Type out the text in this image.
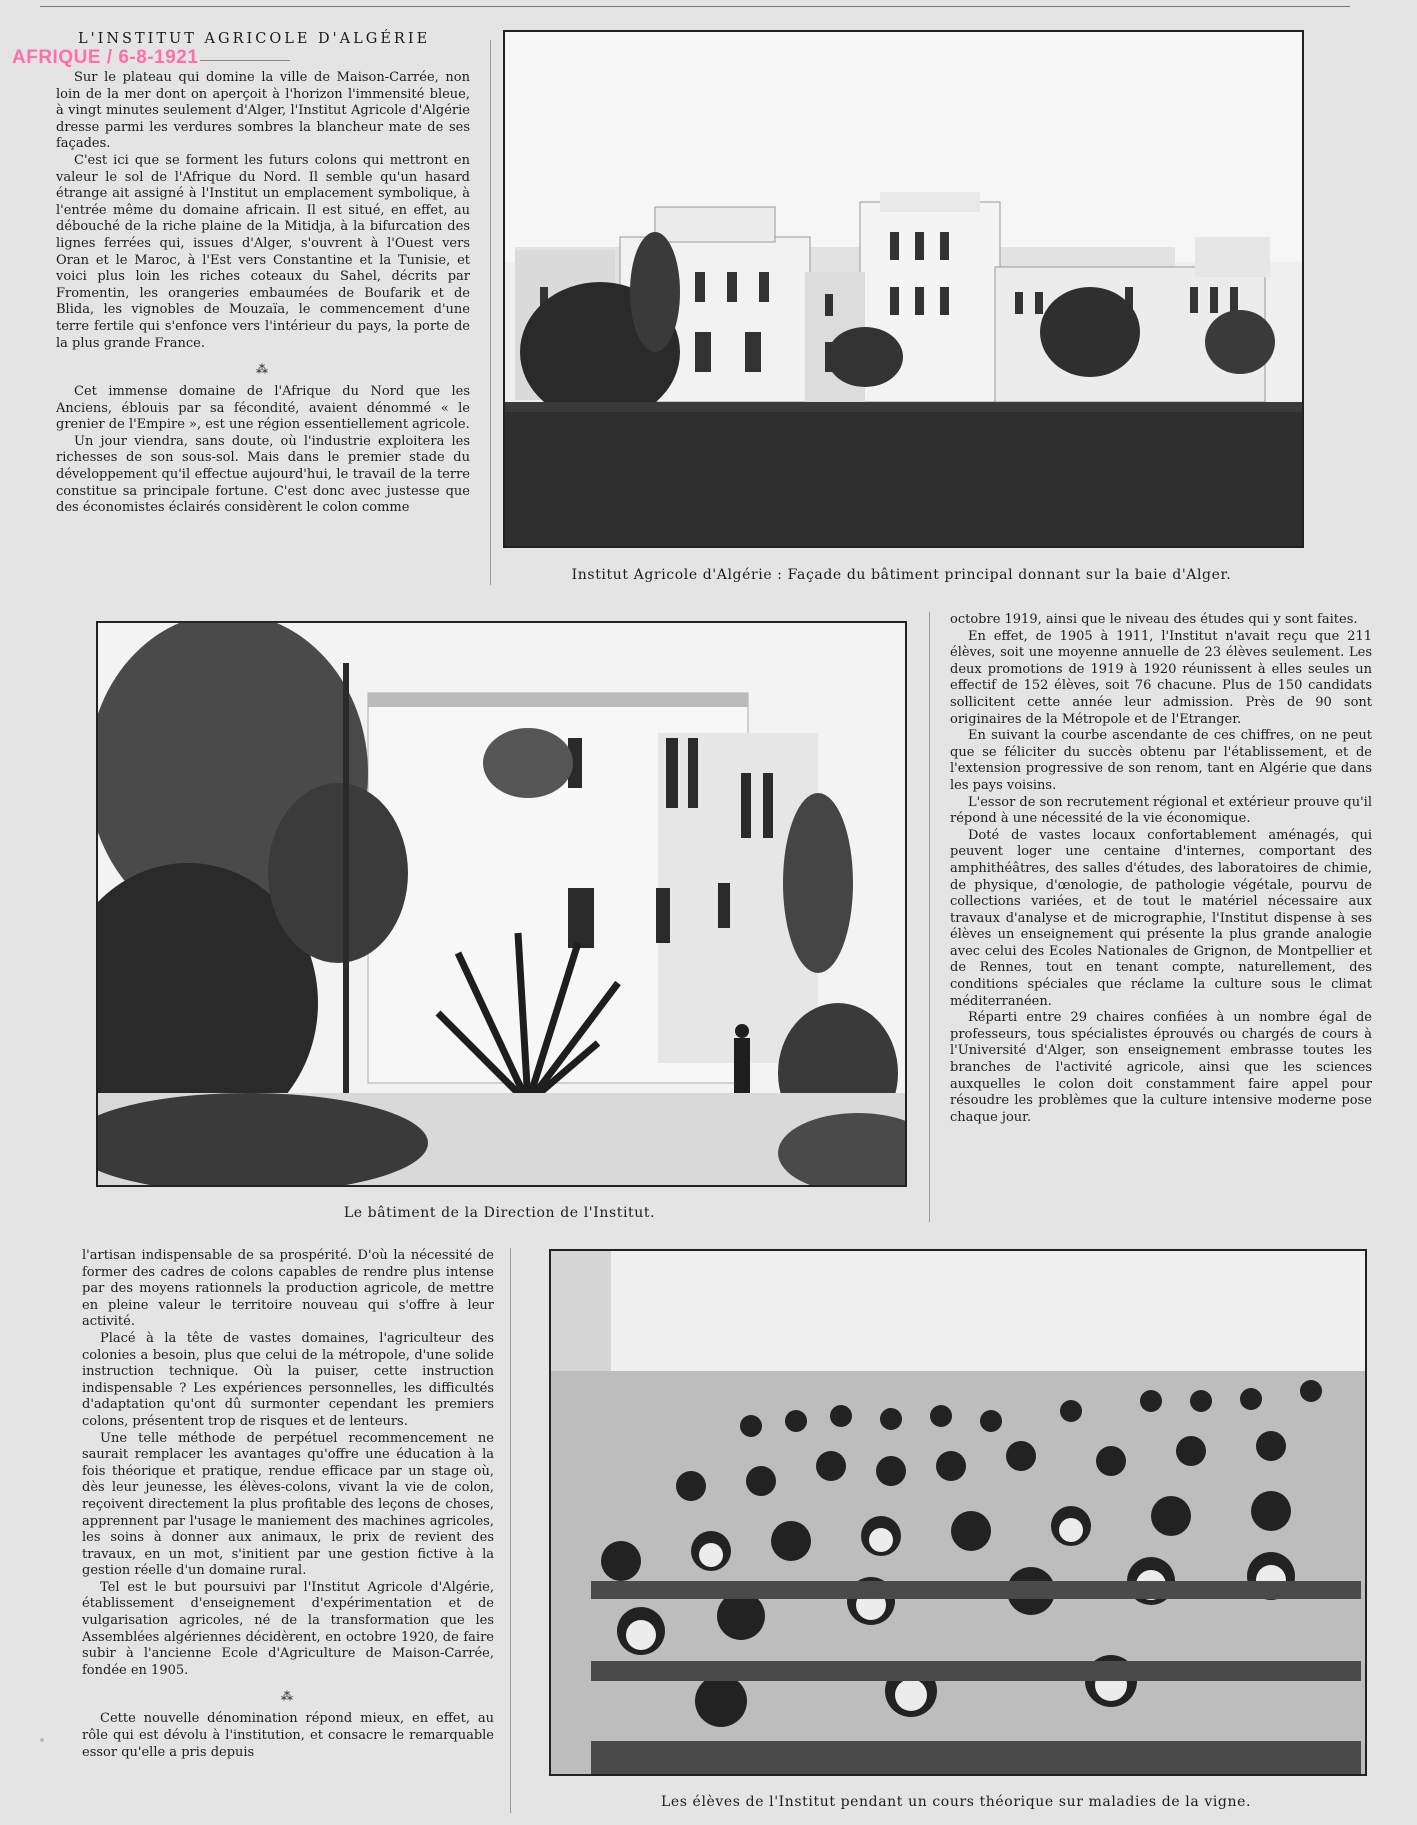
AFRIQUE / 6-8-1921
L'INSTITUT AGRICOLE D'ALGÉRIE

Sur le plateau qui domine la ville de Maison-Carrée, non loin de la mer dont on aperçoit à l'horizon l'immensité bleue, à vingt minutes seulement d'Alger, l'Institut Agricole d'Algérie dresse parmi les verdures sombres la blancheur mate de ses façades.

C'est ici que se forment les futurs colons qui mettront en valeur le sol de l'Afrique du Nord. Il semble qu'un hasard étrange ait assigné à l'Institut un emplacement symbolique, à l'entrée même du domaine africain. Il est situé, en effet, au débouché de la riche plaine de la Mitidja, à la bifurcation des lignes ferrées qui, issues d'Alger, s'ouvrent à l'Ouest vers Oran et le Maroc, à l'Est vers Constantine et la Tunisie, et voici plus loin les riches coteaux du Sahel, décrits par Fromentin, les orangeries embaumées de Boufarik et de Blida, les vignobles de Mouzaïa, le commencement d'une terre fertile qui s'enfonce vers l'intérieur du pays, la porte de la plus grande France.

⁂

Cet immense domaine de l'Afrique du Nord que les Anciens, éblouis par sa fécondité, avaient dénommé « le grenier de l'Empire », est une région essentiellement agricole.

Un jour viendra, sans doute, où l'industrie exploitera les richesses de son sous-sol. Mais dans le premier stade du développement qu'il effectue aujourd'hui, le travail de la terre constitue sa principale fortune. C'est donc avec justesse que des économistes éclairés considèrent le colon comme

Institut Agricole d'Algérie : Façade du bâtiment principal donnant sur la baie d'Alger.
Le bâtiment de la Direction de l'Institut.

octobre 1919, ainsi que le niveau des études qui y sont faites.

En effet, de 1905 à 1911, l'Institut n'avait reçu que 211 élèves, soit une moyenne annuelle de 23 élèves seulement. Les deux promotions de 1919 à 1920 réunissent à elles seules un effectif de 152 élèves, soit 76 chacune. Plus de 150 candidats sollicitent cette année leur admission. Près de 90 sont originaires de la Métropole et de l'Etranger.

En suivant la courbe ascendante de ces chiffres, on ne peut que se féliciter du succès obtenu par l'établissement, et de l'extension progressive de son renom, tant en Algérie que dans les pays voisins.

L'essor de son recrutement régional et extérieur prouve qu'il répond à une nécessité de la vie économique.

Doté de vastes locaux confortablement aménagés, qui peuvent loger une centaine d'internes, comportant des amphithéâtres, des salles d'études, des laboratoires de chimie, de physique, d'œnologie, de pathologie végétale, pourvu de collections variées, et de tout le matériel nécessaire aux travaux d'analyse et de micrographie, l'Institut dispense à ses élèves un enseignement qui présente la plus grande analogie avec celui des Ecoles Nationales de Grignon, de Montpellier et de Rennes, tout en tenant compte, naturellement, des conditions spéciales que réclame la culture sous le climat méditerranéen.

Réparti entre 29 chaires confiées à un nombre égal de professeurs, tous spécialistes éprouvés ou chargés de cours à l'Université d'Alger, son enseignement embrasse toutes les branches de l'activité agricole, ainsi que les sciences auxquelles le colon doit constamment faire appel pour résoudre les problèmes que la culture intensive moderne pose chaque jour.

l'artisan indispensable de sa prospérité. D'où la nécessité de former des cadres de colons capables de rendre plus intense par des moyens rationnels la production agricole, de mettre en pleine valeur le territoire nouveau qui s'offre à leur activité.

Placé à la tête de vastes domaines, l'agriculteur des colonies a besoin, plus que celui de la métropole, d'une solide instruction technique. Où la puiser, cette instruction indispensable ? Les expériences personnelles, les difficultés d'adaptation qu'ont dû surmonter cependant les premiers colons, présentent trop de risques et de lenteurs.

Une telle méthode de perpétuel recommencement ne saurait remplacer les avantages qu'offre une éducation à la fois théorique et pratique, rendue efficace par un stage où, dès leur jeunesse, les élèves-colons, vivant la vie de colon, reçoivent directement la plus profitable des leçons de choses, apprennent par l'usage le maniement des machines agricoles, les soins à donner aux animaux, le prix de revient des travaux, en un mot, s'initient par une gestion fictive à la gestion réelle d'un domaine rural.

Tel est le but poursuivi par l'Institut Agricole d'Algérie, établissement d'enseignement d'expérimentation et de vulgarisation agricoles, né de la transformation que les Assemblées algériennes décidèrent, en octobre 1920, de faire subir à l'ancienne Ecole d'Agriculture de Maison-Carrée, fondée en 1905.

⁂

Cette nouvelle dénomination répond mieux, en effet, au rôle qui est dévolu à l'institution, et consacre le remarquable essor qu'elle a pris depuis

Les élèves de l'Institut pendant un cours théorique sur maladies de la vigne.
